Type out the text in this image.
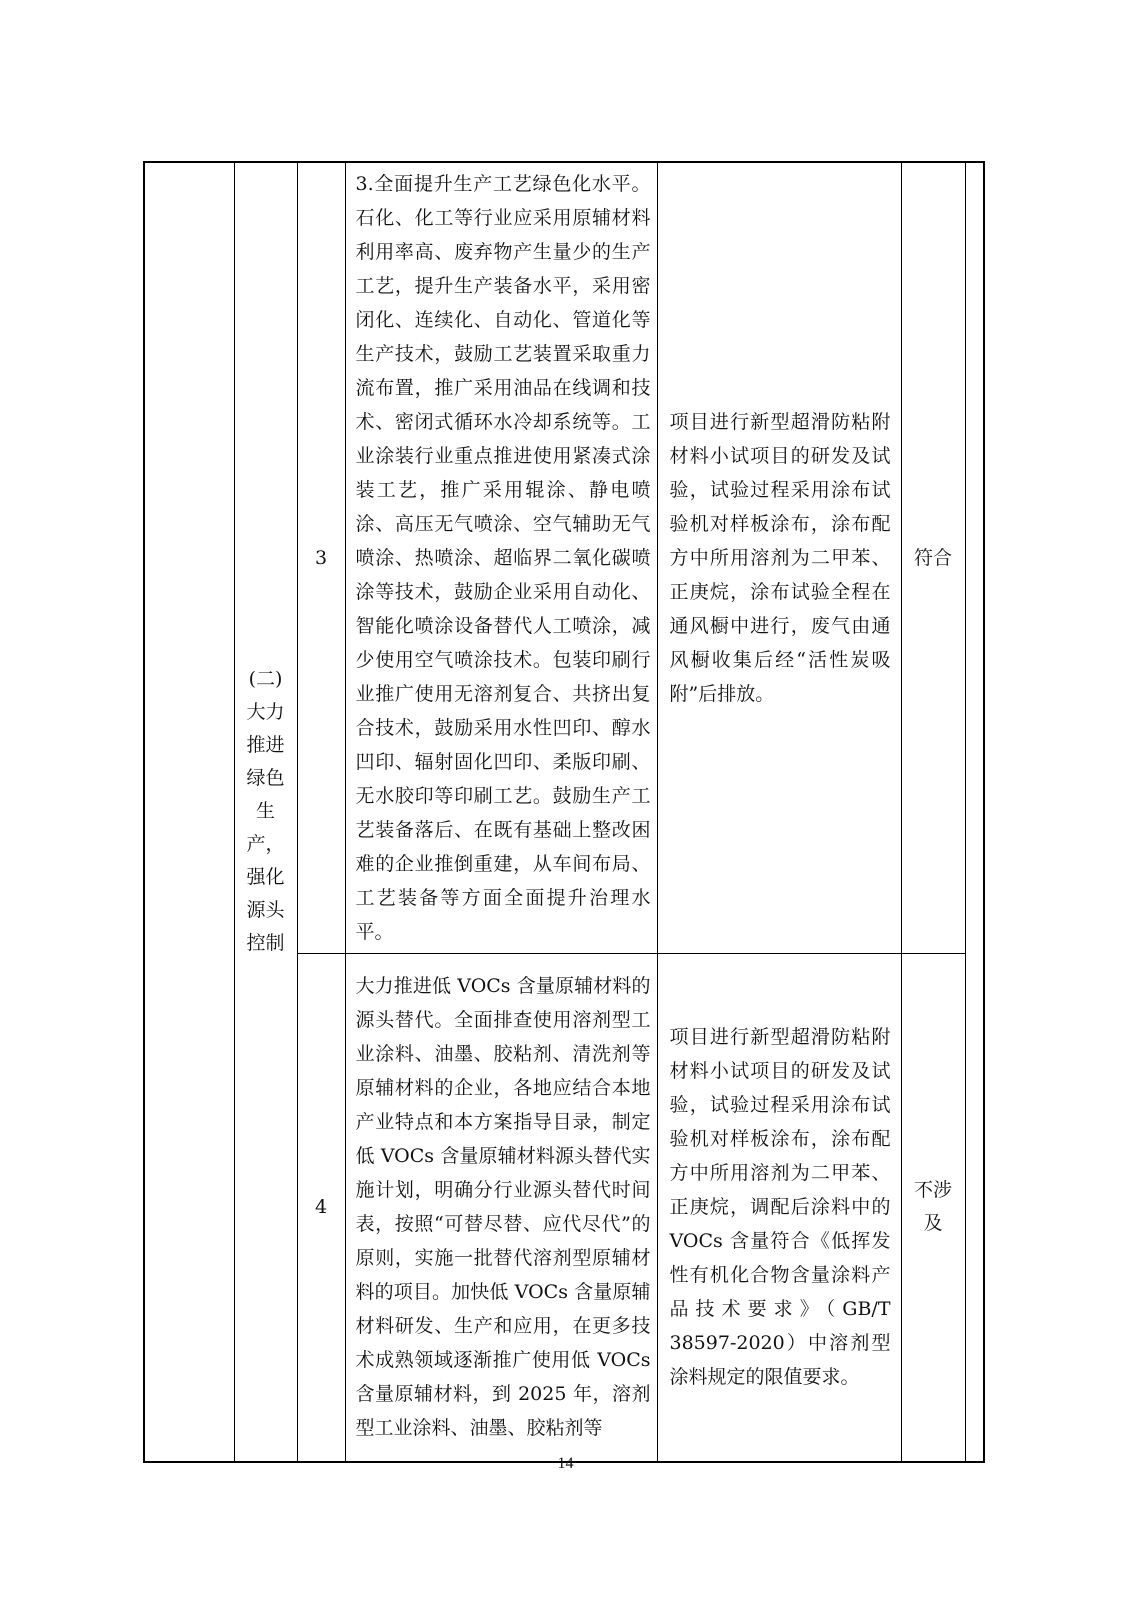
	(二)大力推进绿色生产，强化源头控制	3	3.全面提升生产工艺绿色化水平。石化、化工等行业应采用原辅材料利用率高、废弃物产生量少的生产工艺，提升生产装备水平，采用密闭化、连续化、自动化、管道化等生产技术，鼓励工艺装置采取重力流布置，推广采用油品在线调和技术、密闭式循环水冷却系统等。工业涂装行业重点推进使用紧凑式涂装工艺，推广采用辊涂、静电喷涂、高压无气喷涂、空气辅助无气喷涂、热喷涂、超临界二氧化碳喷涂等技术，鼓励企业采用自动化、智能化喷涂设备替代人工喷涂，减少使用空气喷涂技术。包装印刷行业推广使用无溶剂复合、共挤出复合技术，鼓励采用水性凹印、醇水凹印、辐射固化凹印、柔版印刷、无水胶印等印刷工艺。鼓励生产工艺装备落后、在既有基础上整改困难的企业推倒重建，从车间布局、工艺装备等方面全面提升治理水平。	项目进行新型超滑防粘附材料小试项目的研发及试验，试验过程采用涂布试验机对样板涂布，涂布配方中所用溶剂为二甲苯、正庚烷，涂布试验全程在通风橱中进行，废气由通风橱收集后经“活性炭吸附”后排放。	符合	
		4	大力推进低 VOCs 含量原辅材料的源头替代。全面排查使用溶剂型工业涂料、油墨、胶粘剂、清洗剂等原辅材料的企业，各地应结合本地产业特点和本方案指导目录，制定低 VOCs 含量原辅材料源头替代实施计划，明确分行业源头替代时间表，按照“可替尽替、应代尽代”的原则，实施一批替代溶剂型原辅材料的项目。加快低 VOCs 含量原辅材料研发、生产和应用，在更多技术成熟领域逐渐推广使用低 VOCs 含量原辅材料，到 2025 年，溶剂型工业涂料、油墨、胶粘剂等	项目进行新型超滑防粘附材料小试项目的研发及试验，试验过程采用涂布试验机对样板涂布，涂布配方中所用溶剂为二甲苯、正庚烷，调配后涂料中的 VOCs 含量符合《低挥发性有机化合物含量涂料产品技术要求》（GB/T 38597-2020）中溶剂型涂料规定的限值要求。	不涉及	
14
